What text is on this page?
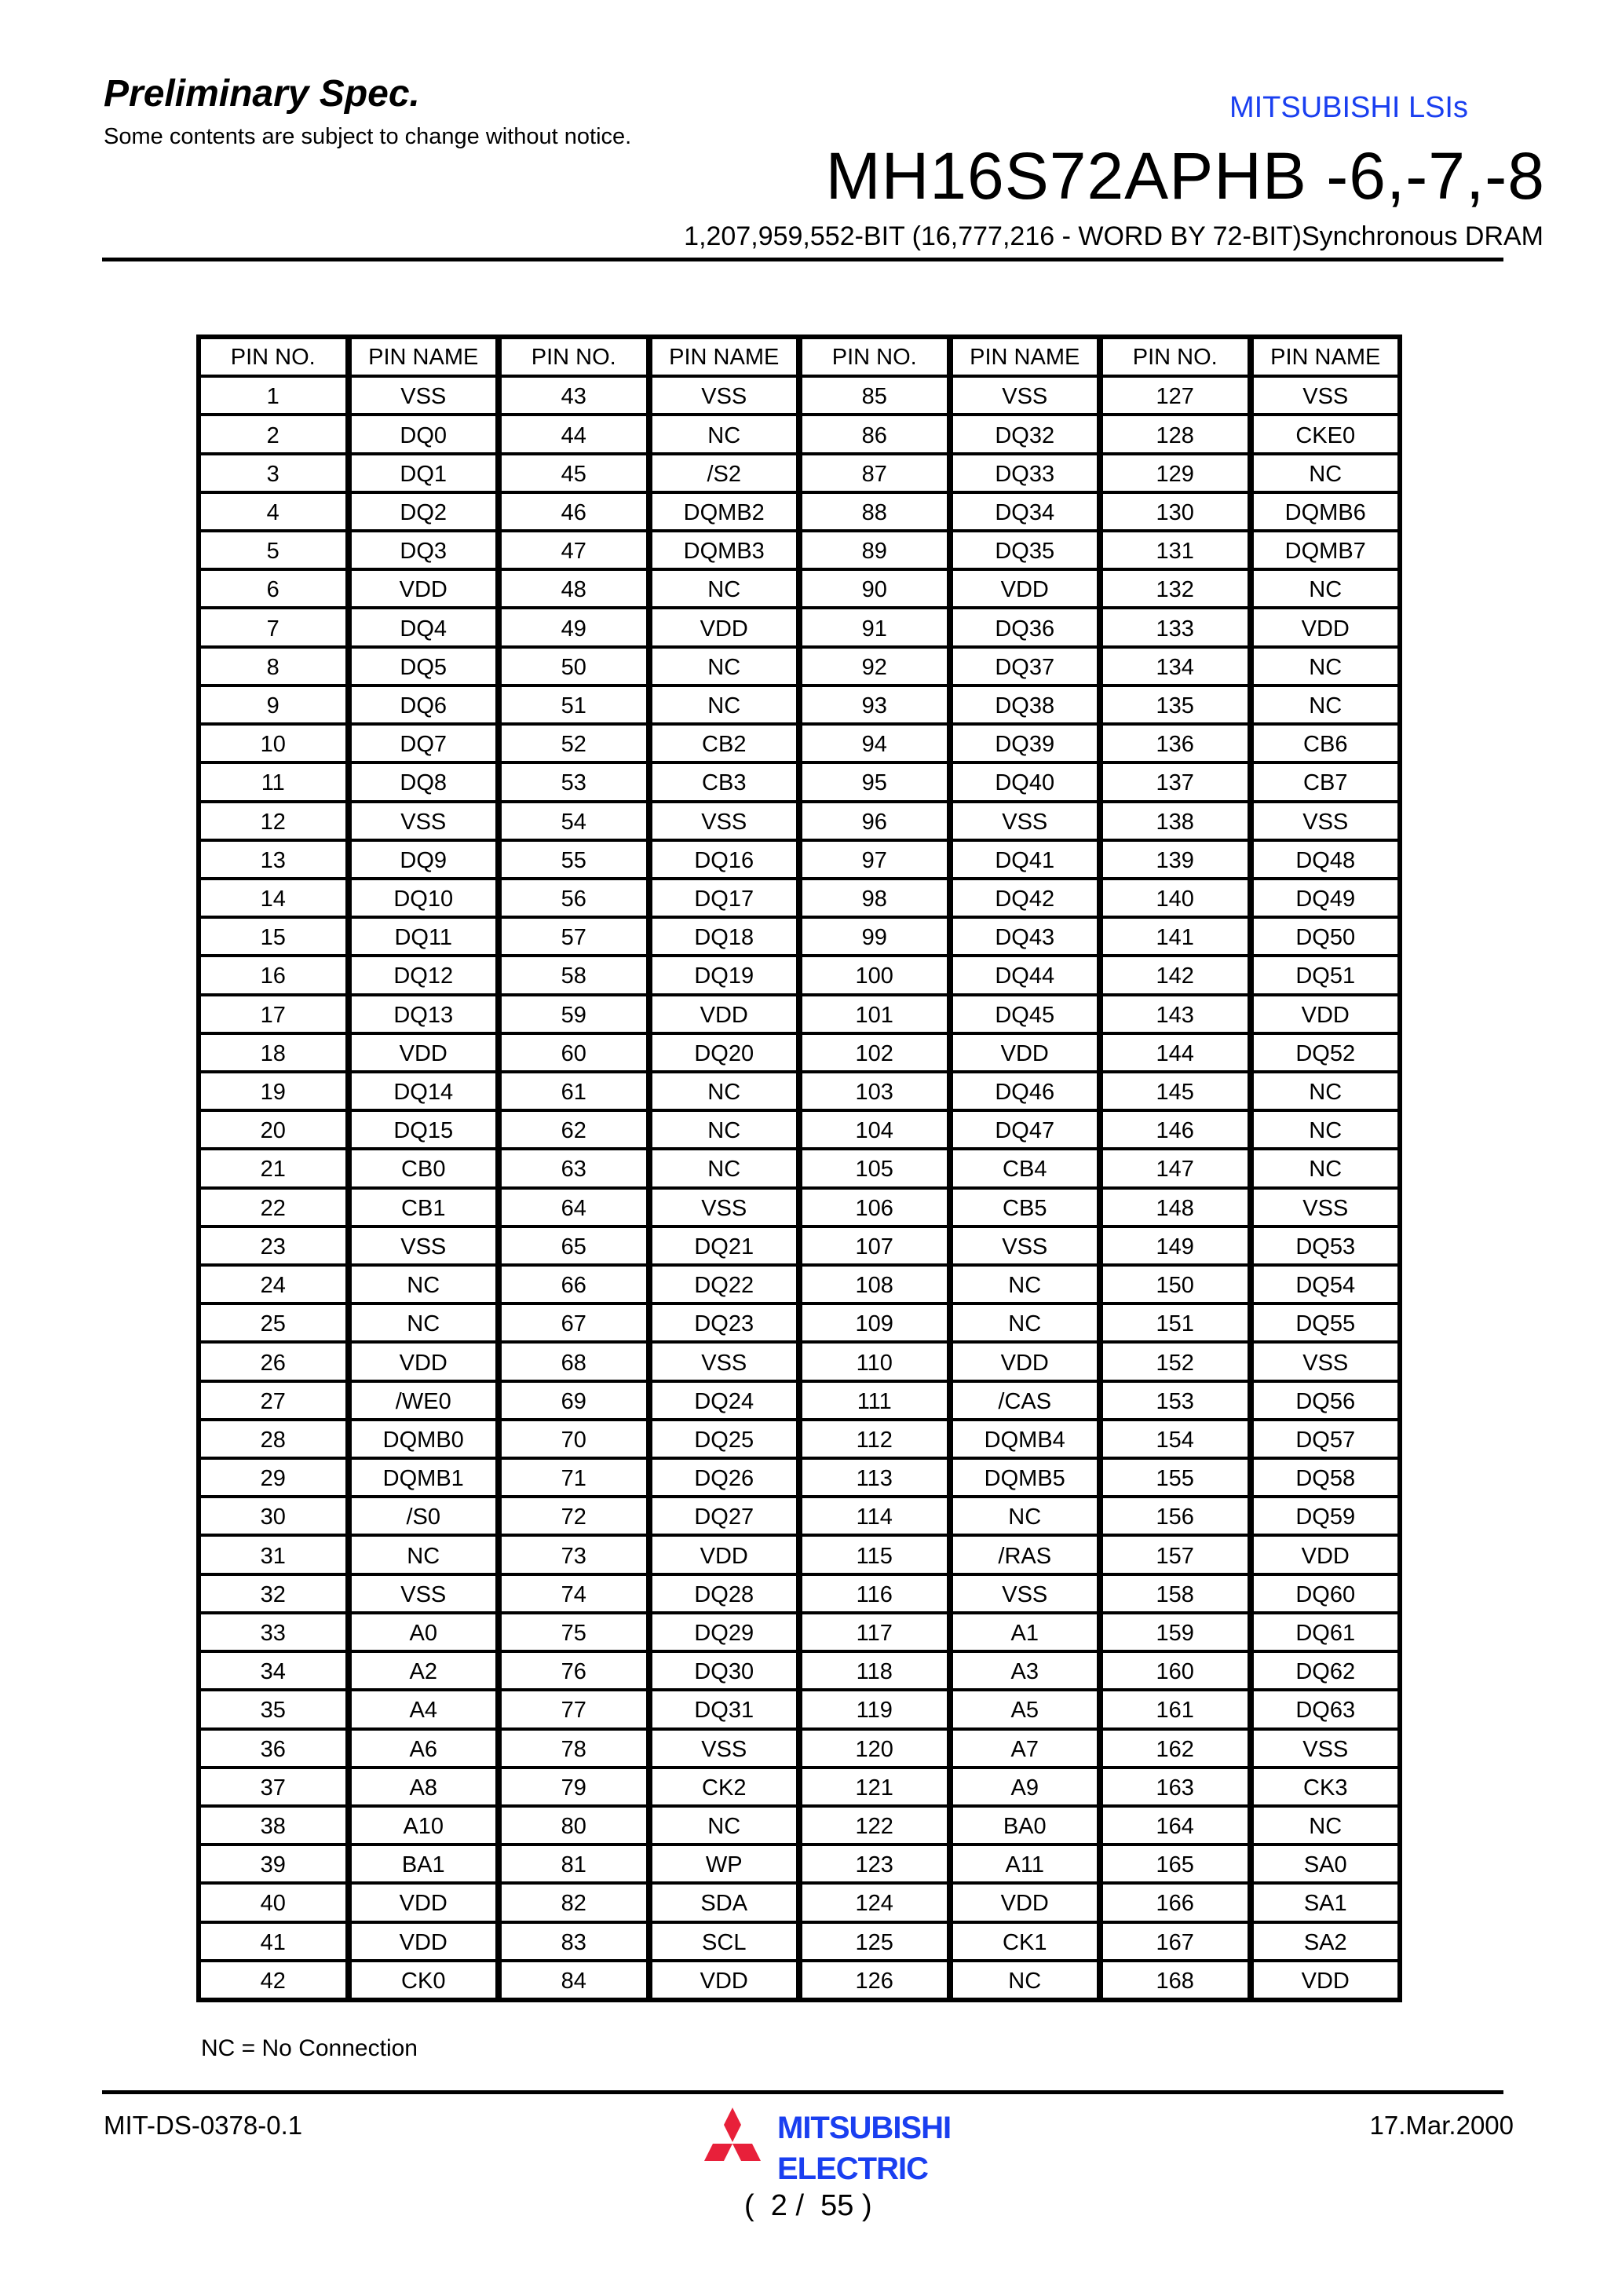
Preliminary Spec.
Some contents are subject to change without notice.
MITSUBISHI LSIs
MH16S72APHB -6,-7,-8
1,207,959,552-BIT (16,777,216 - WORD BY 72-BIT)Synchronous DRAM
PIN NO.	PIN NAME	PIN NO.	PIN NAME	PIN NO.	PIN NAME	PIN NO.	PIN NAME
1	VSS	43	VSS	85	VSS	127	VSS
2	DQ0	44	NC	86	DQ32	128	CKE0
3	DQ1	45	/S2	87	DQ33	129	NC
4	DQ2	46	DQMB2	88	DQ34	130	DQMB6
5	DQ3	47	DQMB3	89	DQ35	131	DQMB7
6	VDD	48	NC	90	VDD	132	NC
7	DQ4	49	VDD	91	DQ36	133	VDD
8	DQ5	50	NC	92	DQ37	134	NC
9	DQ6	51	NC	93	DQ38	135	NC
10	DQ7	52	CB2	94	DQ39	136	CB6
11	DQ8	53	CB3	95	DQ40	137	CB7
12	VSS	54	VSS	96	VSS	138	VSS
13	DQ9	55	DQ16	97	DQ41	139	DQ48
14	DQ10	56	DQ17	98	DQ42	140	DQ49
15	DQ11	57	DQ18	99	DQ43	141	DQ50
16	DQ12	58	DQ19	100	DQ44	142	DQ51
17	DQ13	59	VDD	101	DQ45	143	VDD
18	VDD	60	DQ20	102	VDD	144	DQ52
19	DQ14	61	NC	103	DQ46	145	NC
20	DQ15	62	NC	104	DQ47	146	NC
21	CB0	63	NC	105	CB4	147	NC
22	CB1	64	VSS	106	CB5	148	VSS
23	VSS	65	DQ21	107	VSS	149	DQ53
24	NC	66	DQ22	108	NC	150	DQ54
25	NC	67	DQ23	109	NC	151	DQ55
26	VDD	68	VSS	110	VDD	152	VSS
27	/WE0	69	DQ24	111	/CAS	153	DQ56
28	DQMB0	70	DQ25	112	DQMB4	154	DQ57
29	DQMB1	71	DQ26	113	DQMB5	155	DQ58
30	/S0	72	DQ27	114	NC	156	DQ59
31	NC	73	VDD	115	/RAS	157	VDD
32	VSS	74	DQ28	116	VSS	158	DQ60
33	A0	75	DQ29	117	A1	159	DQ61
34	A2	76	DQ30	118	A3	160	DQ62
35	A4	77	DQ31	119	A5	161	DQ63
36	A6	78	VSS	120	A7	162	VSS
37	A8	79	CK2	121	A9	163	CK3
38	A10	80	NC	122	BA0	164	NC
39	BA1	81	WP	123	A11	165	SA0
40	VDD	82	SDA	124	VDD	166	SA1
41	VDD	83	SCL	125	CK1	167	SA2
42	CK0	84	VDD	126	NC	168	VDD
NC = No Connection
MIT-DS-0378-0.1	MITSUBISHI
ELECTRIC
17.Mar.2000
(  2 /  55 )
